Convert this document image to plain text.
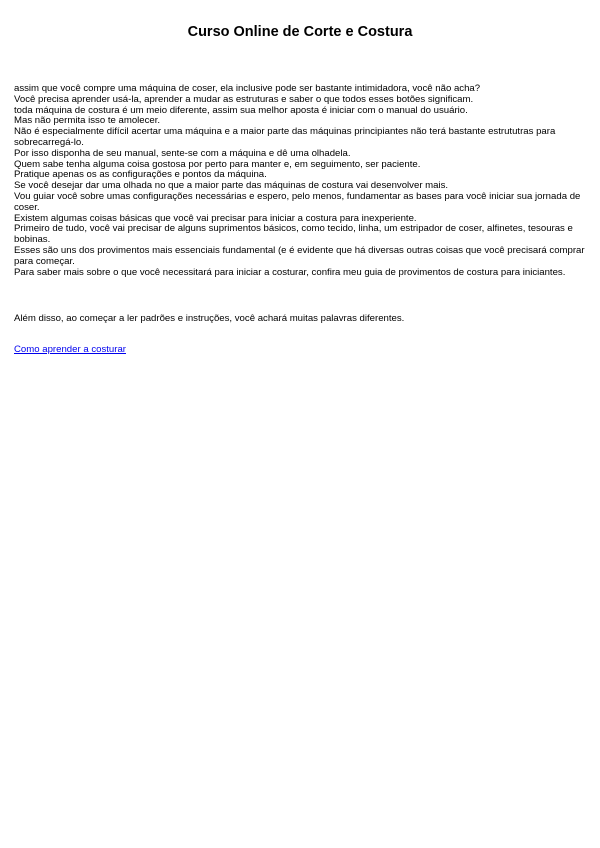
Curso Online de Corte e Costura

assim que você compre uma máquina de coser, ela inclusive pode ser bastante intimidadora, você não acha?

Você precisa aprender usá-la, aprender a mudar as estruturas e saber o que todos esses botões significam.

toda máquina de costura é um meio diferente, assim sua melhor aposta é iniciar com o manual do usuário.

Mas não permita isso te amolecer.

Não é especialmente difícil acertar uma máquina e a maior parte das máquinas principiantes não terá bastante estrututras para sobrecarregá-lo.

Por isso disponha de seu manual, sente-se com a máquina e dê uma olhadela.

Quem sabe tenha alguma coisa gostosa por perto para manter e, em seguimento, ser paciente.

Pratique apenas os as configurações e pontos da máquina.

Se você desejar dar uma olhada no que a maior parte das máquinas de costura vai desenvolver mais.

Vou guiar você sobre umas configurações necessárias e espero, pelo menos, fundamentar as bases para você iniciar sua jornada de coser.

Existem algumas coisas básicas que você vai precisar para iniciar a costura para inexperiente.

Primeiro de tudo, você vai precisar de alguns suprimentos básicos, como tecido, linha, um estripador de coser, alfinetes, tesouras e bobinas.

Esses são uns dos provimentos mais essenciais fundamental (e é evidente que há diversas outras coisas que você precisará comprar para começar.

Para saber mais sobre o que você necessitará para iniciar a costurar, confira meu guia de provimentos de costura para iniciantes.

Além disso, ao começar a ler padrões e instruções, você achará muitas palavras diferentes.

Como aprender a costurar
